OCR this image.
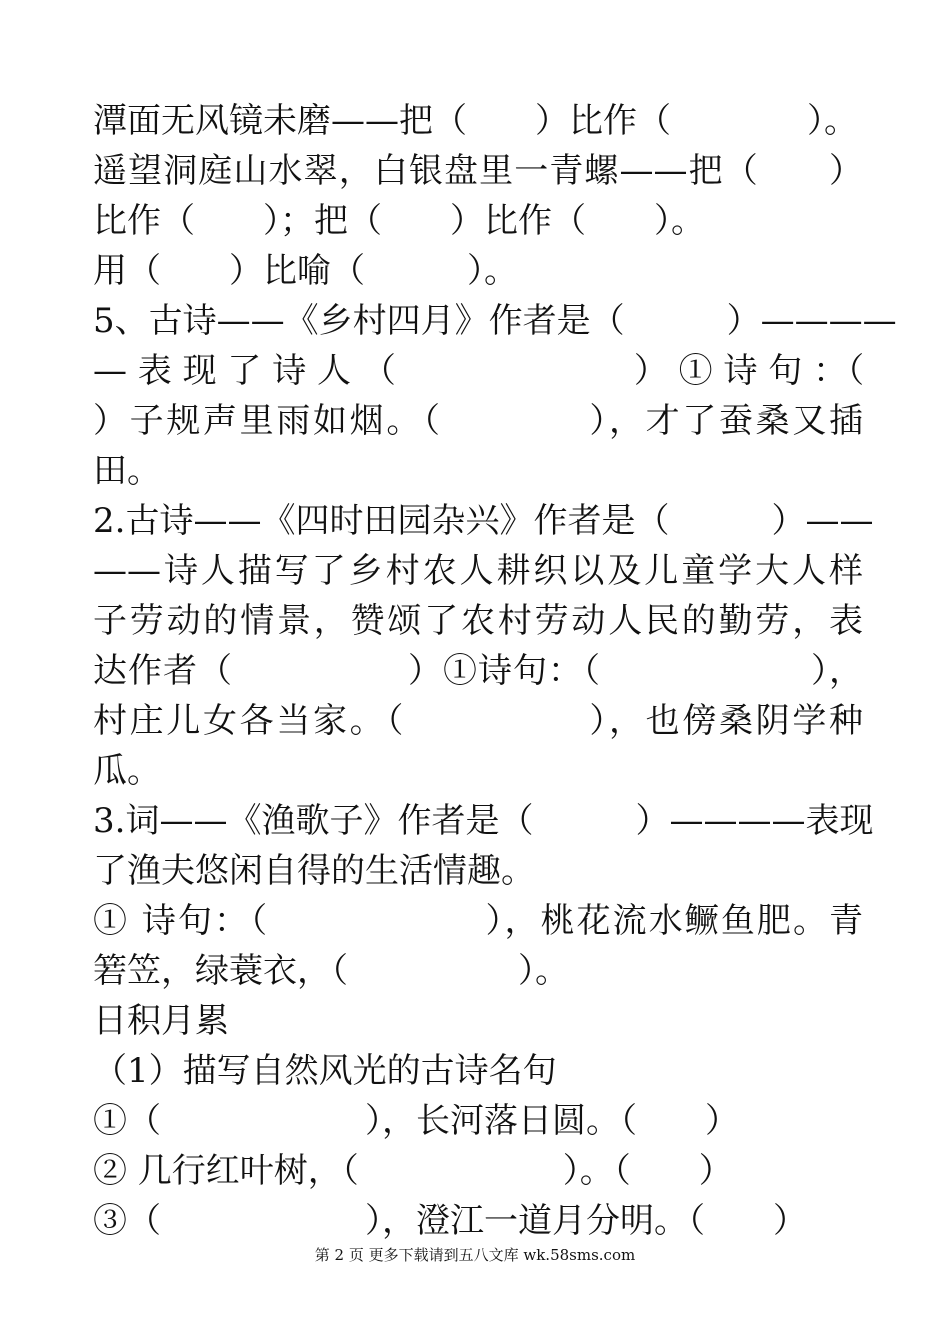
潭面无风镜未磨——把（　　）比作（　　　　）。
遥望洞庭山水翠，白银盘里一青螺——把（　　）
比作（　　）；把（　　）比作（　　）。
用（　　）比喻（　　　）。
5、古诗——《乡村四月》作者是（　　　）————
— 表 现 了 诗 人 （　　　　　　　） ① 诗 句 ：（
）子规声里雨如烟。（　　　　），才了蚕桑又插
田。
2.古诗——《四时田园杂兴》作者是（　　　）——
——诗人描写了乡村农人耕织以及儿童学大人样
子劳动的情景，赞颂了农村劳动人民的勤劳，表
达作者（　　　　　）①诗句：（　　　　　　），
村庄儿女各当家。（　　　　　），也傍桑阴学种
瓜。
3.词——《渔歌子》作者是（　　　）————表现
了渔夫悠闲自得的生活情趣。
① 诗句：（　　　　　　），桃花流水鳜鱼肥。青
箬笠，绿蓑衣，（　　　　　）。
日积月累
（1）描写自然风光的古诗名句
①（　　　　　　），长河落日圆。（　　）
② 几行红叶树，（　　　　　　）。（　　）
③（　　　　　　），澄江一道月分明。（　　）
第 2 页 更多下载请到五八文库 wk.58sms.com
